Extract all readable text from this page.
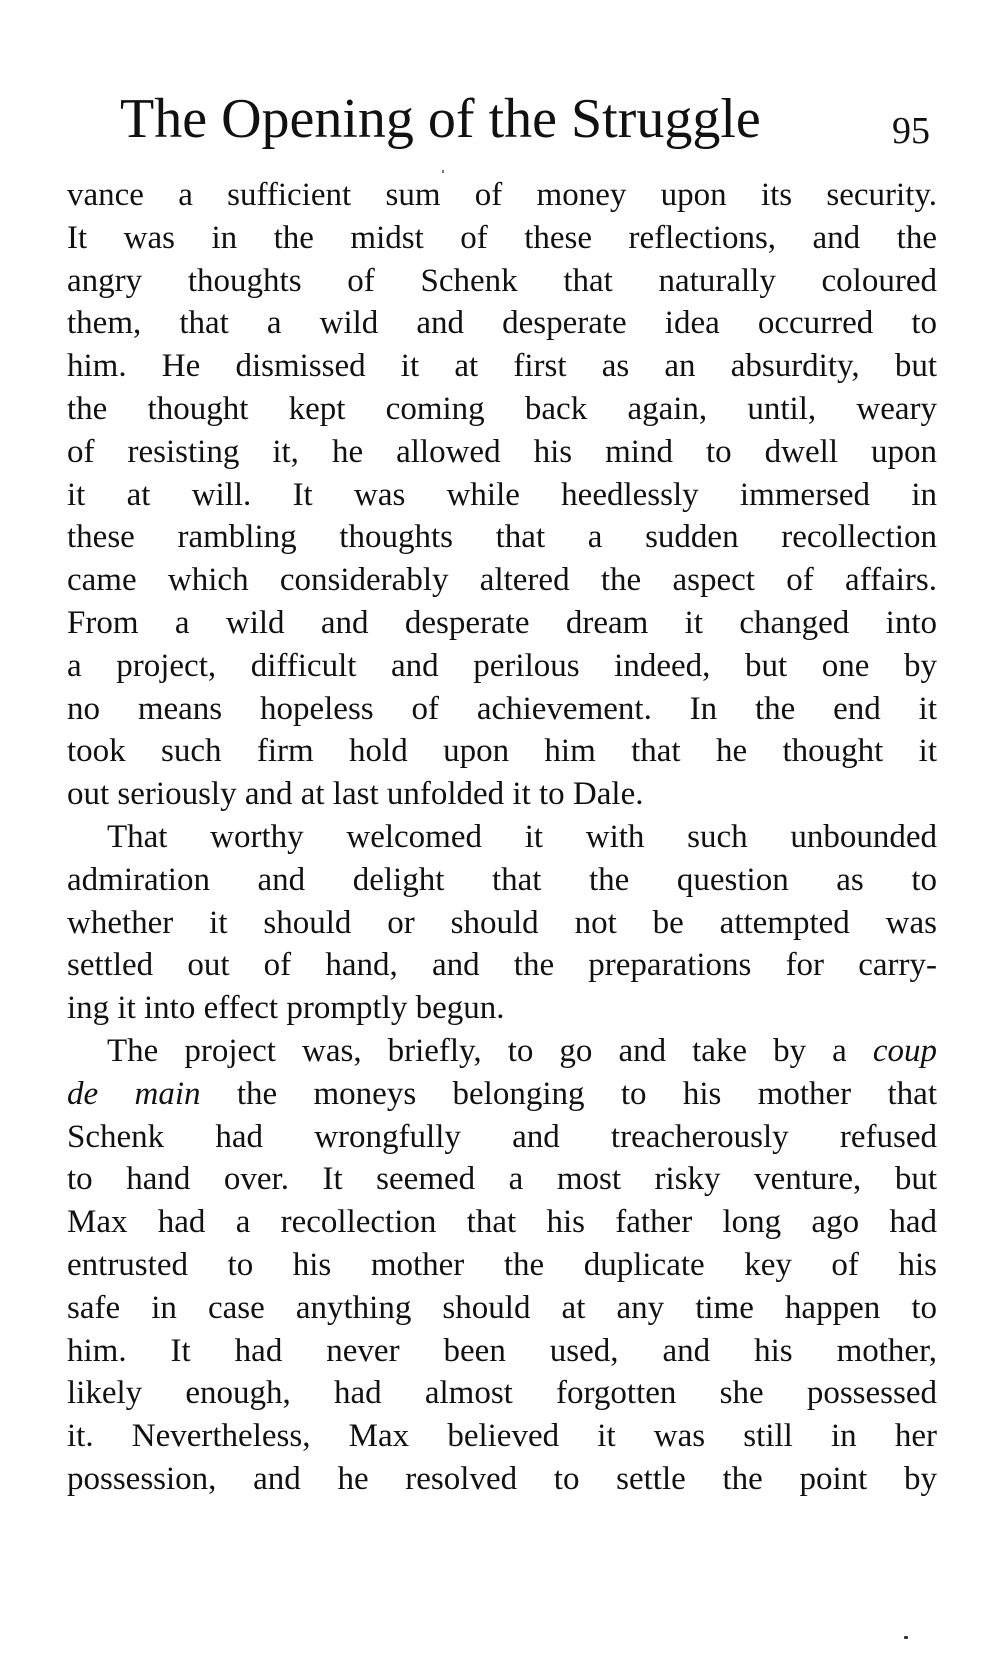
The Opening of the Struggle	95
vance a sufficient sum of money upon its security.
It was in the midst of these reflections, and the
angry thoughts of Schenk that naturally coloured
them, that a wild and desperate idea occurred to
him. He dismissed it at first as an absurdity, but
the thought kept coming back again, until, weary
of resisting it, he allowed his mind to dwell upon
it at will. It was while heedlessly immersed in
these rambling thoughts that a sudden recollection
came which considerably altered the aspect of affairs.
From a wild and desperate dream it changed into
a project, difficult and perilous indeed, but one by
no means hopeless of achievement. In the end it
took such firm hold upon him that he thought it
out seriously and at last unfolded it to Dale.
That worthy welcomed it with such unbounded
admiration and delight that the question as to
whether it should or should not be attempted was
settled out of hand, and the preparations for carry-
ing it into effect promptly begun.
The project was, briefly, to go and take by a coup
de main the moneys belonging to his mother that
Schenk had wrongfully and treacherously refused
to hand over. It seemed a most risky venture, but
Max had a recollection that his father long ago had
entrusted to his mother the duplicate key of his
safe in case anything should at any time happen to
him. It had never been used, and his mother,
likely enough, had almost forgotten she possessed
it. Nevertheless, Max believed it was still in her
possession, and he resolved to settle the point by
